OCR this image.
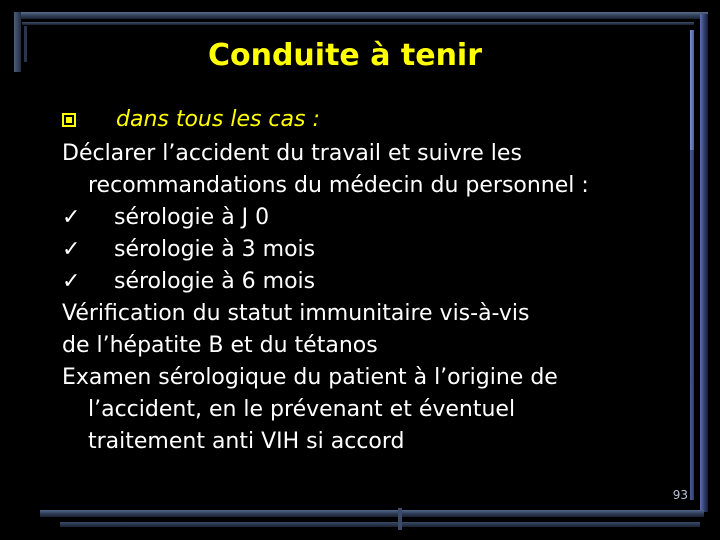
Conduite à tenir
dans tous les cas :
Déclarer l’accident du travail et suivre les
recommandations du médecin du personnel :
✓ sérologie à J 0
✓ sérologie à 3 mois
✓ sérologie à 6 mois
Vérification du statut immunitaire vis-à-vis
de l’hépatite B et du tétanos
Examen sérologique du patient à l’origine de
l’accident, en le prévenant et éventuel
traitement anti VIH si accord
93
